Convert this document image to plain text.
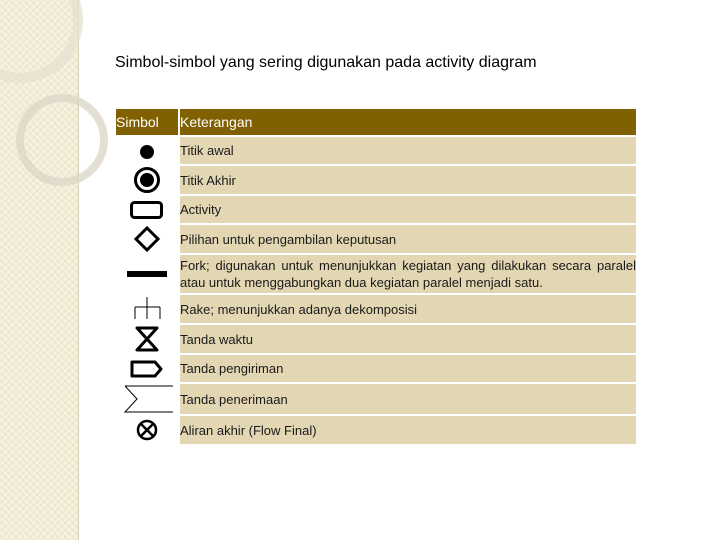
Simbol-simbol yang sering digunakan pada activity diagram
Simbol	Keterangan

	Titik awal

	Titik Akhir

	Activity

	Pilihan untuk pengambilan keputusan

	Fork; digunakan untuk menunjukkan kegiatan yang dilakukan secara paralel atau untuk menggabungkan dua kegiatan paralel menjadi satu.

	Rake; menunjukkan adanya dekomposisi

	Tanda waktu

	Tanda pengiriman

	Tanda penerimaan

	Aliran akhir (Flow Final)
